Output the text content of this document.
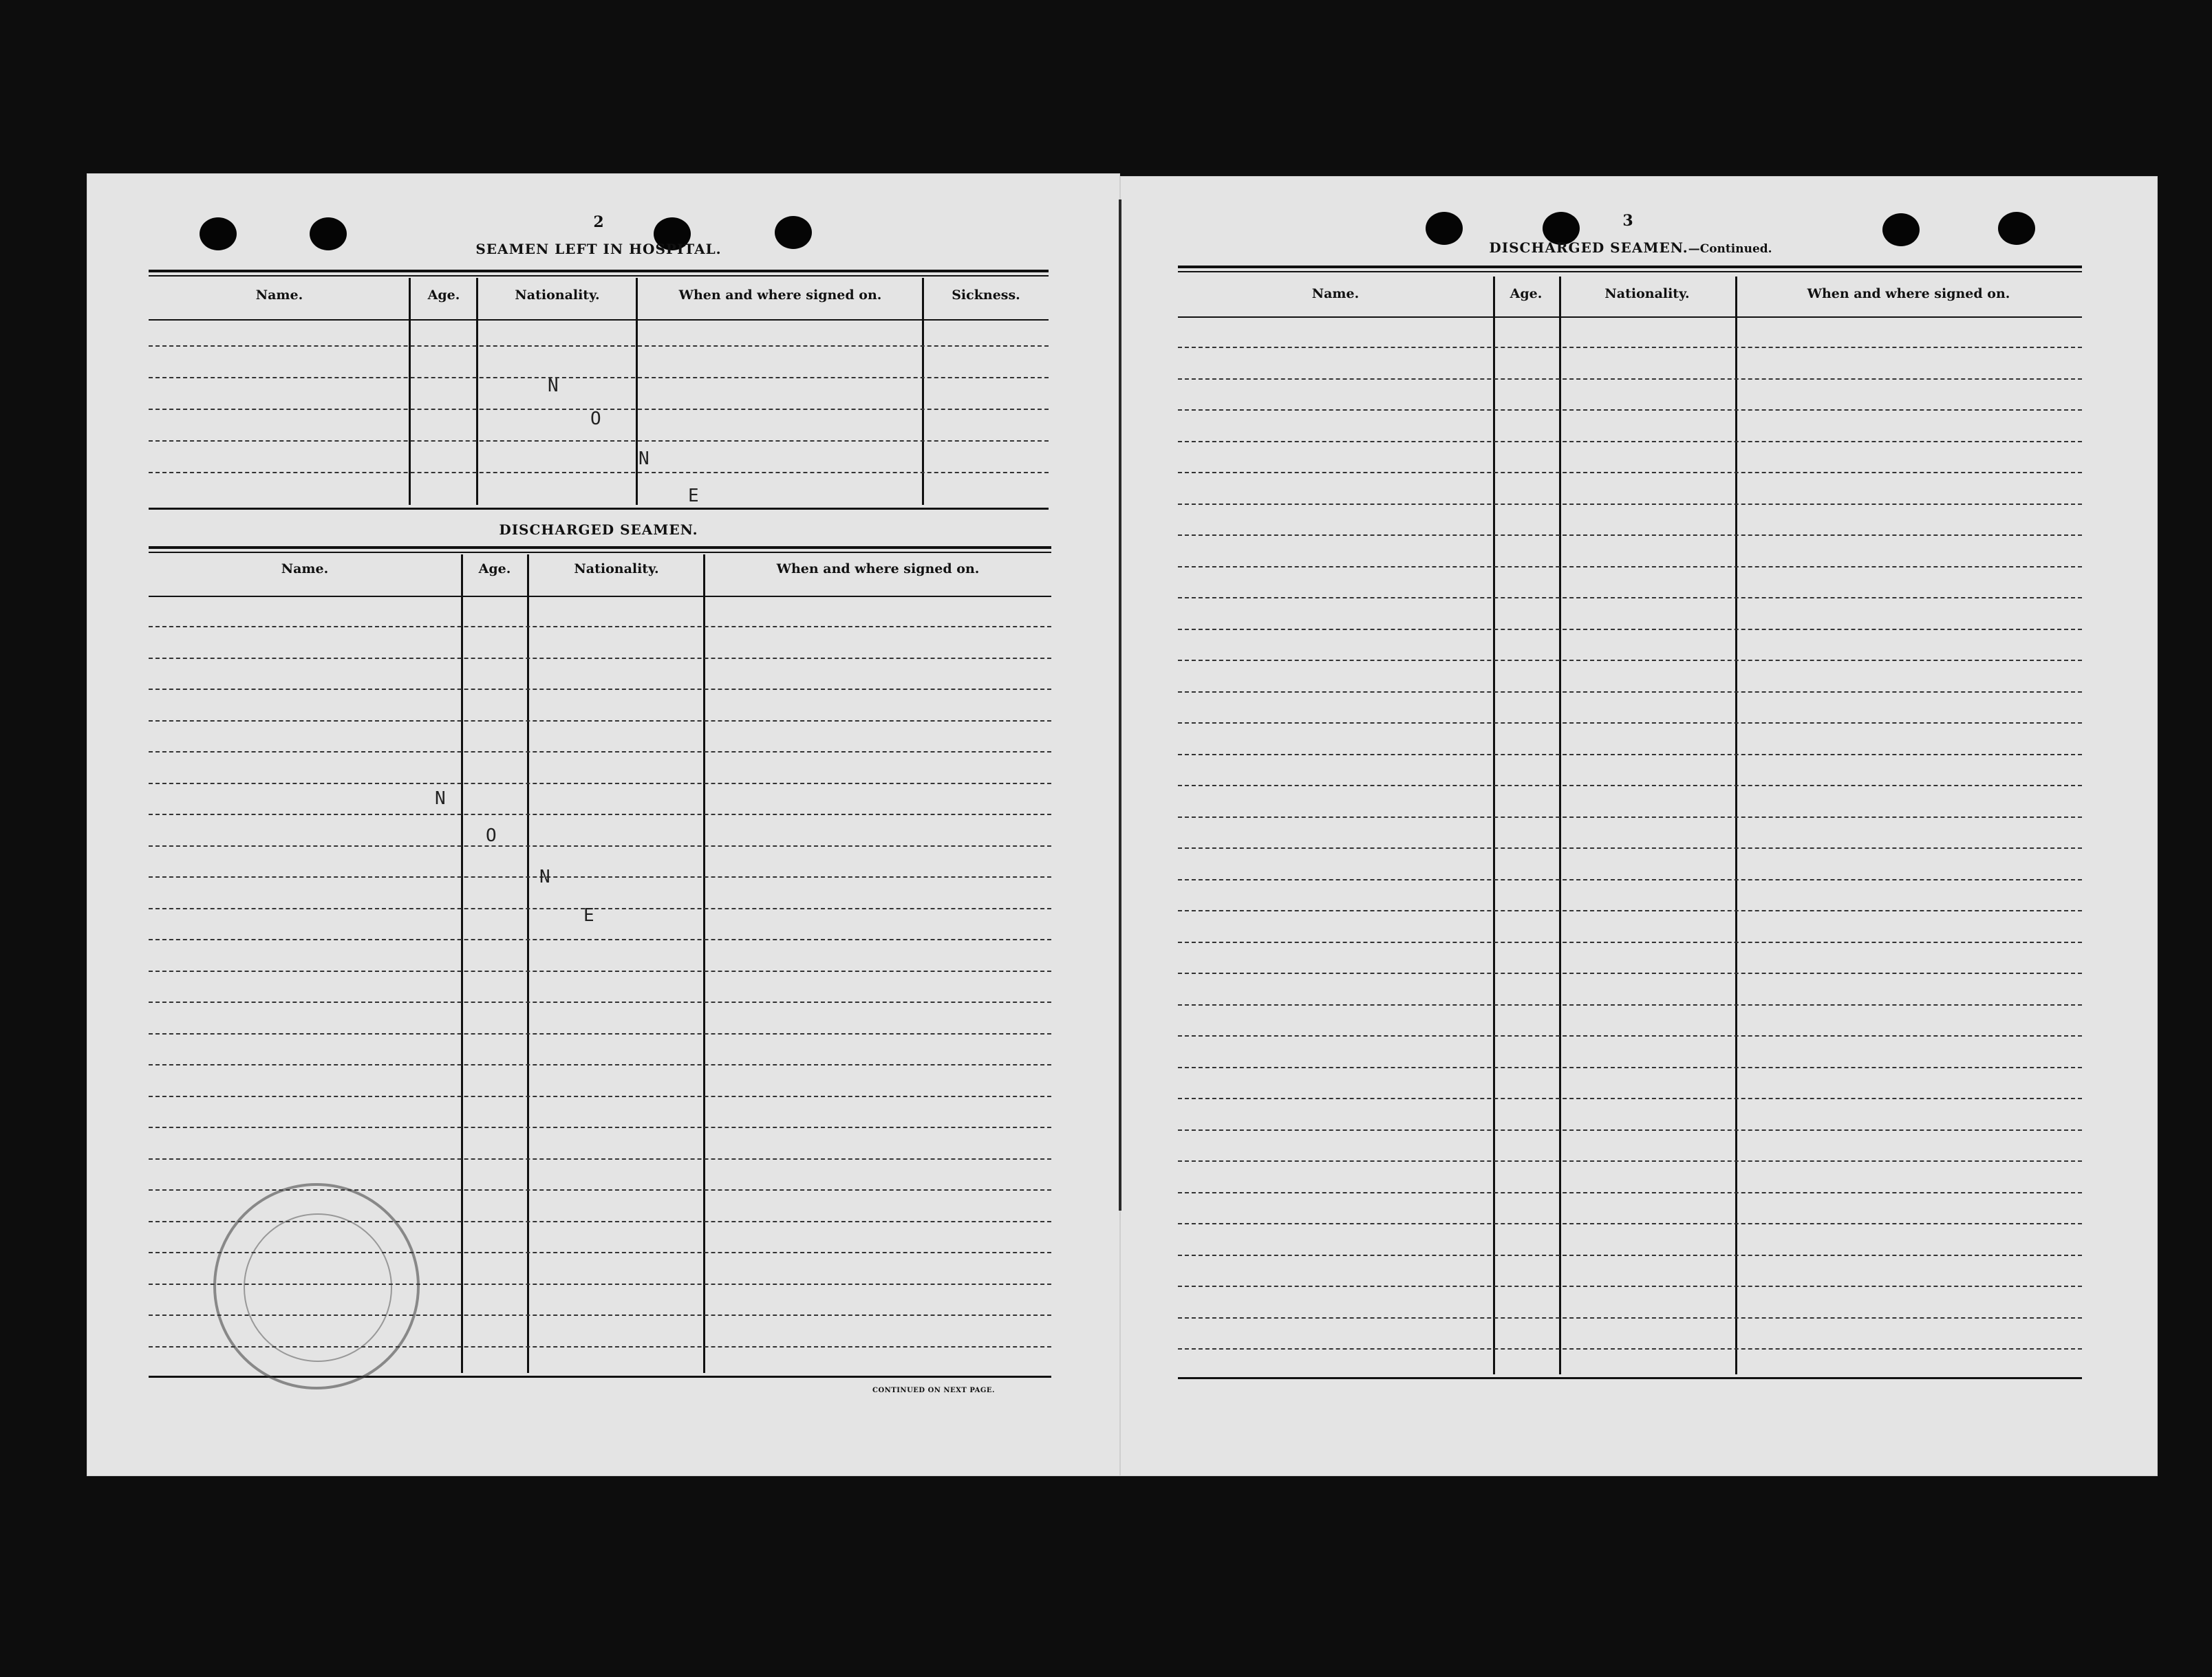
2
SEAMEN LEFT IN HOSPITAL.
Name.	Age.	Nationality.	When and where signed on.	Sickness.
N
O
N
E
DISCHARGED SEAMEN.
Name.	Age.	Nationality.	When and where signed on.
N
O
N
E
CONTINUED ON NEXT PAGE.
3
DISCHARGED SEAMEN.—Continued.
Name.	Age.	Nationality.	When and where signed on.
